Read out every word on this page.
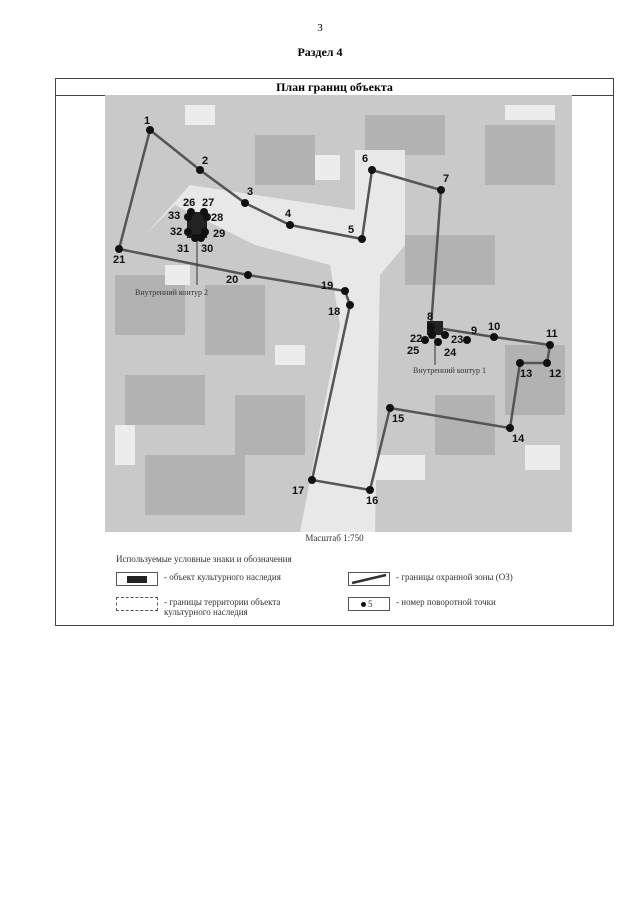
3
Раздел 4
План границ объекта
Внутренний контур 2
Внутренний контур 1
1
2
3
4
5
6
7
8
9 10
11
12
13
14
15
16
17
18
19
20
21
22	23
24
25
26 27
28
29
30
31
32
33
Масштаб 1:750
Используемые условные знаки и обозначения
- объект культурного наследия
- границы территории объекта культурного наследия
- границы охранной зоны (ОЗ)
5	- номер поворотной точки
